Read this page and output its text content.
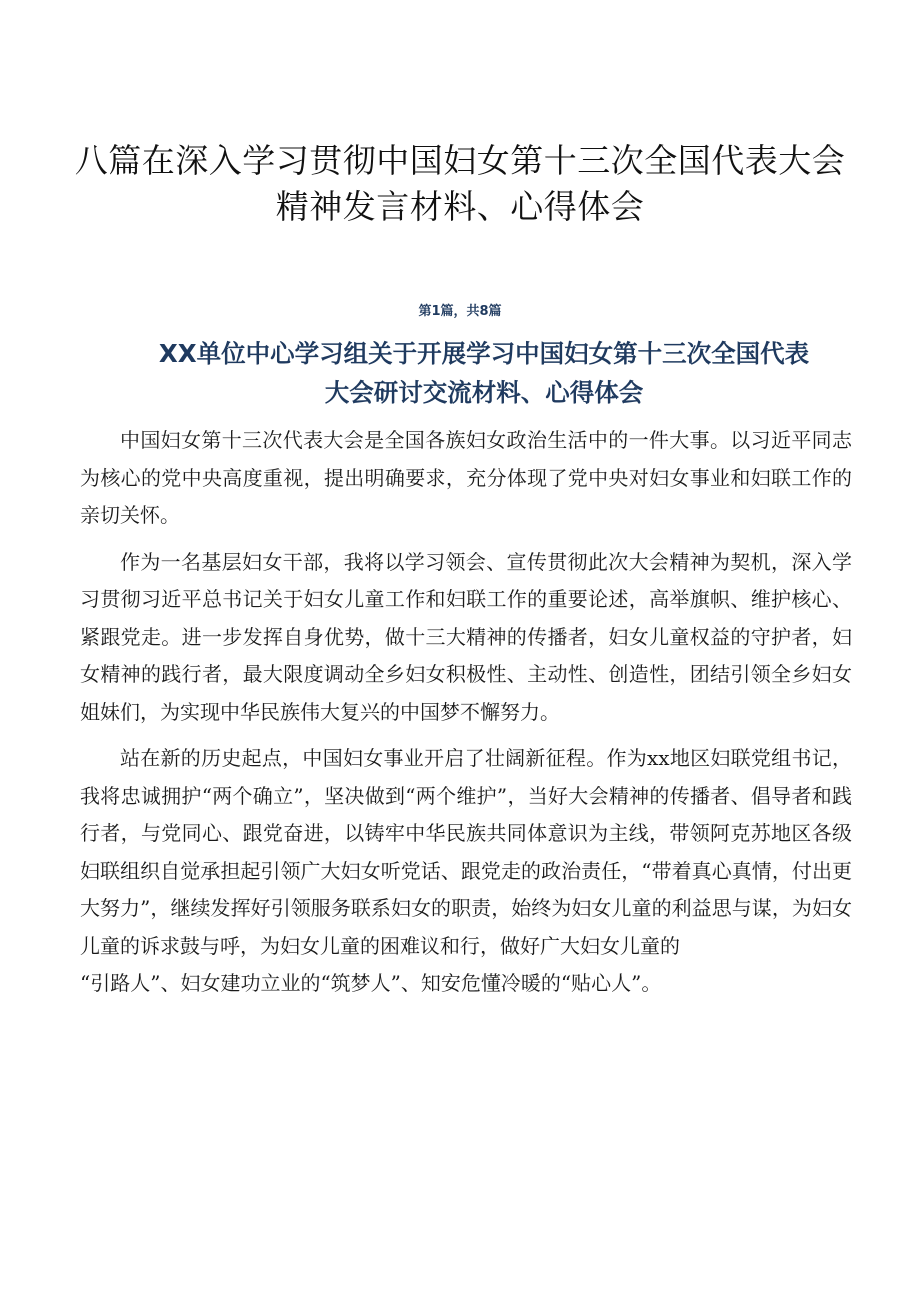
八篇在深入学习贯彻中国妇女第十三次全国代表大会
精神发言材料、心得体会
第1篇，共8篇
XX单位中心学习组关于开展学习中国妇女第十三次全国代表
大会研讨交流材料、心得体会

中国妇女第十三次代表大会是全国各族妇女政治生活中的一件大事。以习近平同志为核心的党中央高度重视，提出明确要求，充分体现了党中央对妇女事业和妇联工作的亲切关怀。

作为一名基层妇女干部，我将以学习领会、宣传贯彻此次大会精神为契机，深入学习贯彻习近平总书记关于妇女儿童工作和妇联工作的重要论述，高举旗帜、维护核心、紧跟党走。进一步发挥自身优势，做十三大精神的传播者，妇女儿童权益的守护者，妇女精神的践行者，最大限度调动全乡妇女积极性、主动性、创造性，团结引领全乡妇女姐妹们，为实现中华民族伟大复兴的中国梦不懈努力。

站在新的历史起点，中国妇女事业开启了壮阔新征程。作为xx地区妇联党组书记，我将忠诚拥护“两个确立”，坚决做到“两个维护”，当好大会精神的传播者、倡导者和践行者，与党同心、跟党奋进，以铸牢中华民族共同体意识为主线，带领阿克苏地区各级妇联组织自觉承担起引领广大妇女听党话、跟党走的政治责任，“带着真心真情，付出更大努力”，继续发挥好引领服务联系妇女的职责，始终为妇女儿童的利益思与谋，为妇女儿童的诉求鼓与呼，为妇女儿童的困难议和行，做好广大妇女儿童的

“引路人”、妇女建功立业的“筑梦人”、知安危懂冷暖的“贴心人”。
